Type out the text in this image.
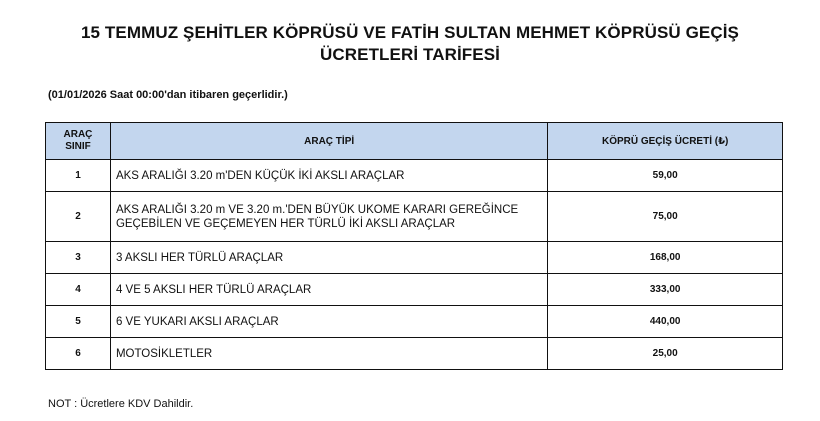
15 TEMMUZ ŞEHİTLER KÖPRÜSÜ VE FATİH SULTAN MEHMET KÖPRÜSÜ GEÇİŞ
ÜCRETLERİ TARİFESİ
(01/01/2026 Saat 00:00'dan itibaren geçerlidir.)
ARAÇ
SINIF	ARAÇ TİPİ	KÖPRÜ GEÇİŞ ÜCRETİ (₺)
1	AKS ARALIĞI 3.20 m'DEN KÜÇÜK İKİ AKSLI ARAÇLAR	59,00
2	AKS ARALIĞI 3.20 m VE 3.20 m.'DEN BÜYÜK UKOME KARARI GEREĞİNCE GEÇEBİLEN VE GEÇEMEYEN HER TÜRLÜ İKİ AKSLI ARAÇLAR	75,00
3	3 AKSLI HER TÜRLÜ ARAÇLAR	168,00
4	4 VE 5 AKSLI HER TÜRLÜ ARAÇLAR	333,00
5	6 VE YUKARI AKSLI ARAÇLAR	440,00
6	MOTOSİKLETLER	25,00
NOT : Ücretlere KDV Dahildir.
